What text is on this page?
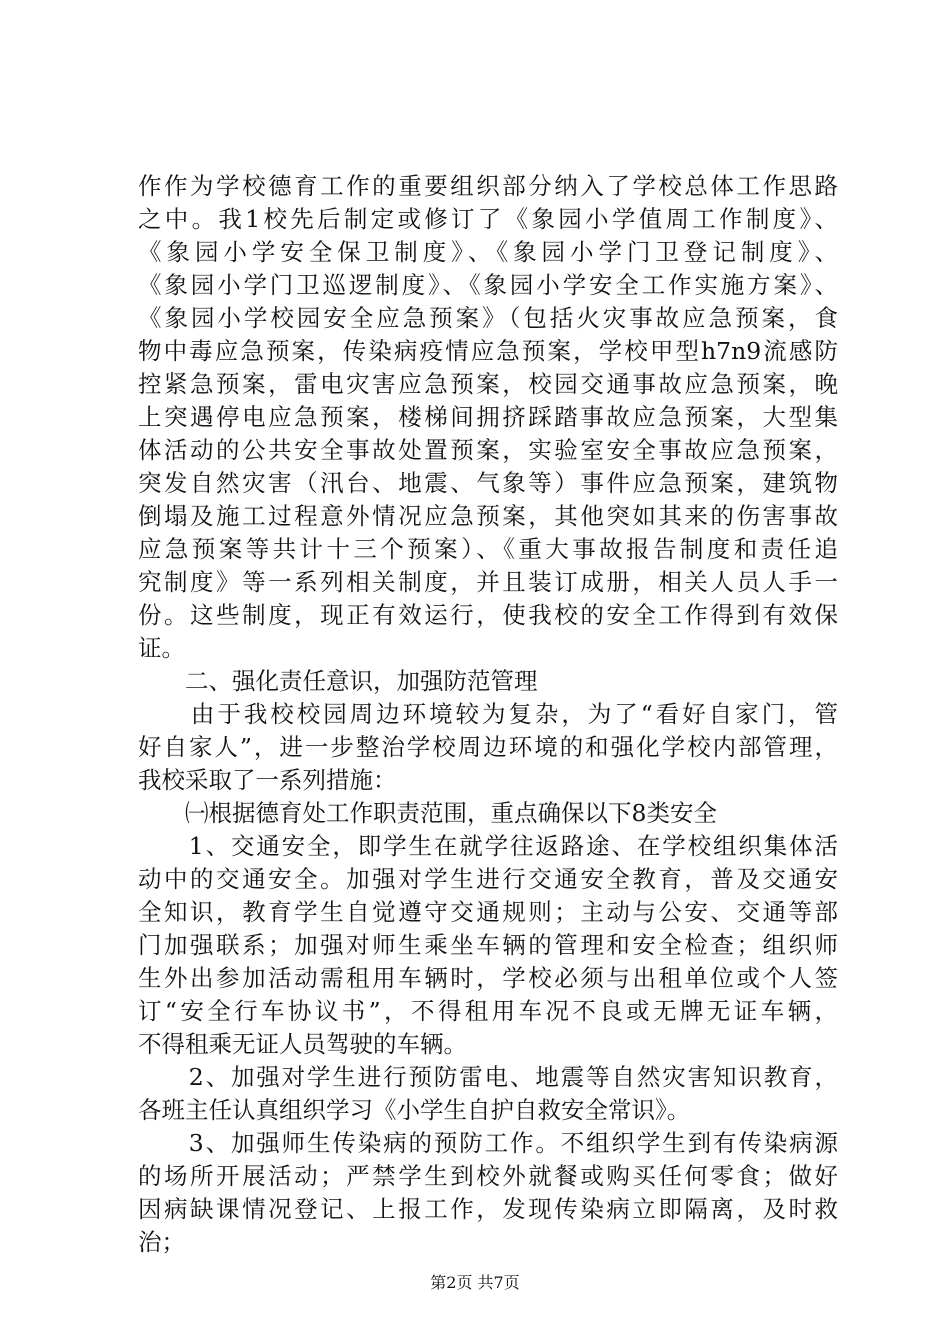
作作为学校德育工作的重要组织部分纳入了学校总体工作思路
之中。我1校先后制定或修订了《象园小学值周工作制度》、
《象园小学安全保卫制度》、《象园小学门卫登记制度》、
《象园小学门卫巡逻制度》、《象园小学安全工作实施方案》、
《象园小学校园安全应急预案》（包括火灾事故应急预案，食
物中毒应急预案，传染病疫情应急预案，学校甲型h7n9流感防
控紧急预案，雷电灾害应急预案，校园交通事故应急预案，晚
上突遇停电应急预案，楼梯间拥挤踩踏事故应急预案，大型集
体活动的公共安全事故处置预案，实验室安全事故应急预案，
突发自然灾害（汛台、地震、气象等）事件应急预案，建筑物
倒塌及施工过程意外情况应急预案，其他突如其来的伤害事故
应急预案等共计十三个预案）、《重大事故报告制度和责任追
究制度》等一系列相关制度，并且装订成册，相关人员人手一
份。这些制度，现正有效运行，使我校的安全工作得到有效保
证。
　　二、强化责任意识，加强防范管理
　　由于我校校园周边环境较为复杂，为了“看好自家门，管
好自家人”，进一步整治学校周边环境的和强化学校内部管理，
我校采取了一系列措施：
　　㈠根据德育处工作职责范围，重点确保以下8类安全
　　1、交通安全，即学生在就学往返路途、在学校组织集体活
动中的交通安全。加强对学生进行交通安全教育，普及交通安
全知识，教育学生自觉遵守交通规则；主动与公安、交通等部
门加强联系；加强对师生乘坐车辆的管理和安全检查；组织师
生外出参加活动需租用车辆时，学校必须与出租单位或个人签
订“安全行车协议书”，不得租用车况不良或无牌无证车辆，
不得租乘无证人员驾驶的车辆。
　　2、加强对学生进行预防雷电、地震等自然灾害知识教育，
各班主任认真组织学习《小学生自护自救安全常识》。
　　3、加强师生传染病的预防工作。不组织学生到有传染病源
的场所开展活动；严禁学生到校外就餐或购买任何零食；做好
因病缺课情况登记、上报工作，发现传染病立即隔离，及时救
治；
第2页 共7页
